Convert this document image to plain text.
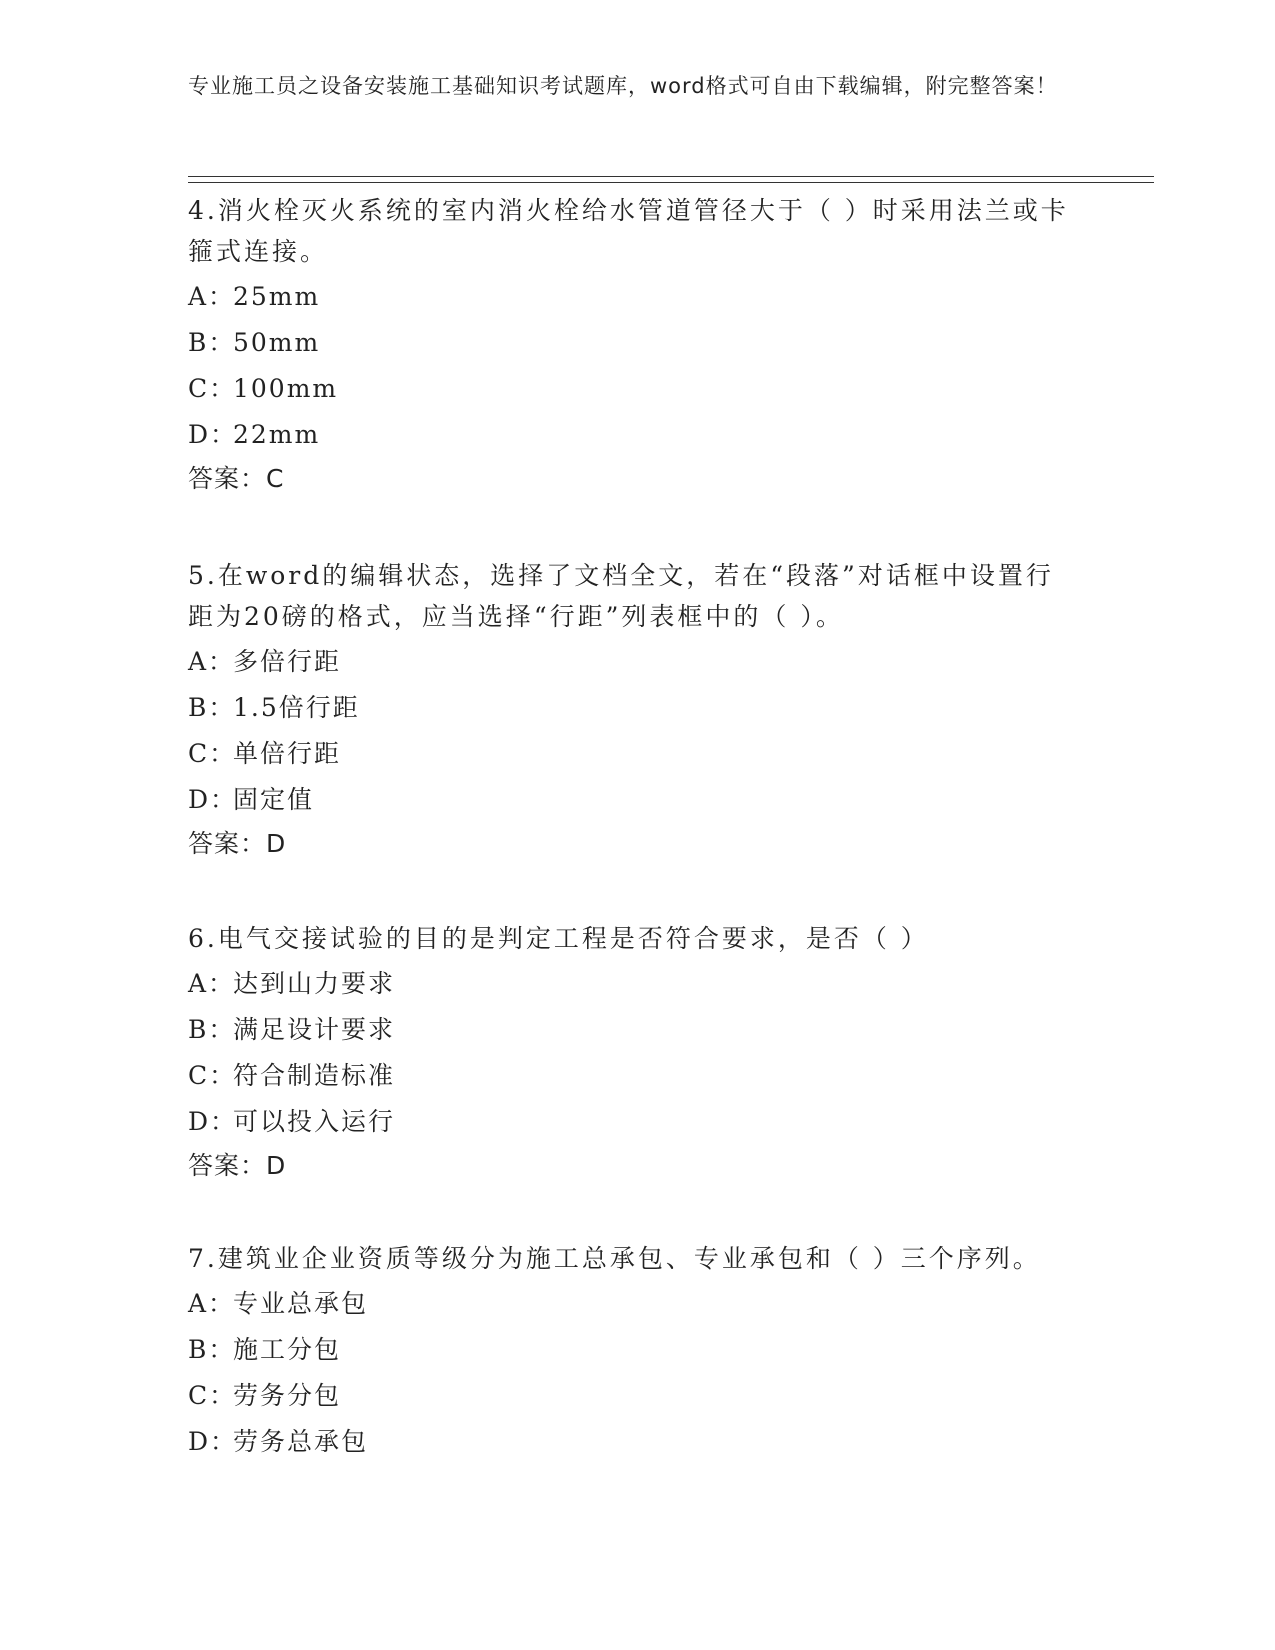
专业施工员之设备安装施工基础知识考试题库，word格式可自由下载编辑，附完整答案！

4.消火栓灭火系统的室内消火栓给水管道管径大于（ ）时采用法兰或卡箍式连接。

A：25mm
B：50mm
C：100mm
D：22mm
答案：C

5.在word的编辑状态，选择了文档全文，若在“段落”对话框中设置行距为20磅的格式，应当选择“行距”列表框中的（ ）。

A：多倍行距
B：1.5倍行距
C：单倍行距
D：固定值
答案：D

6.电气交接试验的目的是判定工程是否符合要求，是否（ ）

A：达到山力要求
B：满足设计要求
C：符合制造标准
D：可以投入运行
答案：D

7.建筑业企业资质等级分为施工总承包、专业承包和（ ）三个序列。

A：专业总承包
B：施工分包
C：劳务分包
D：劳务总承包
